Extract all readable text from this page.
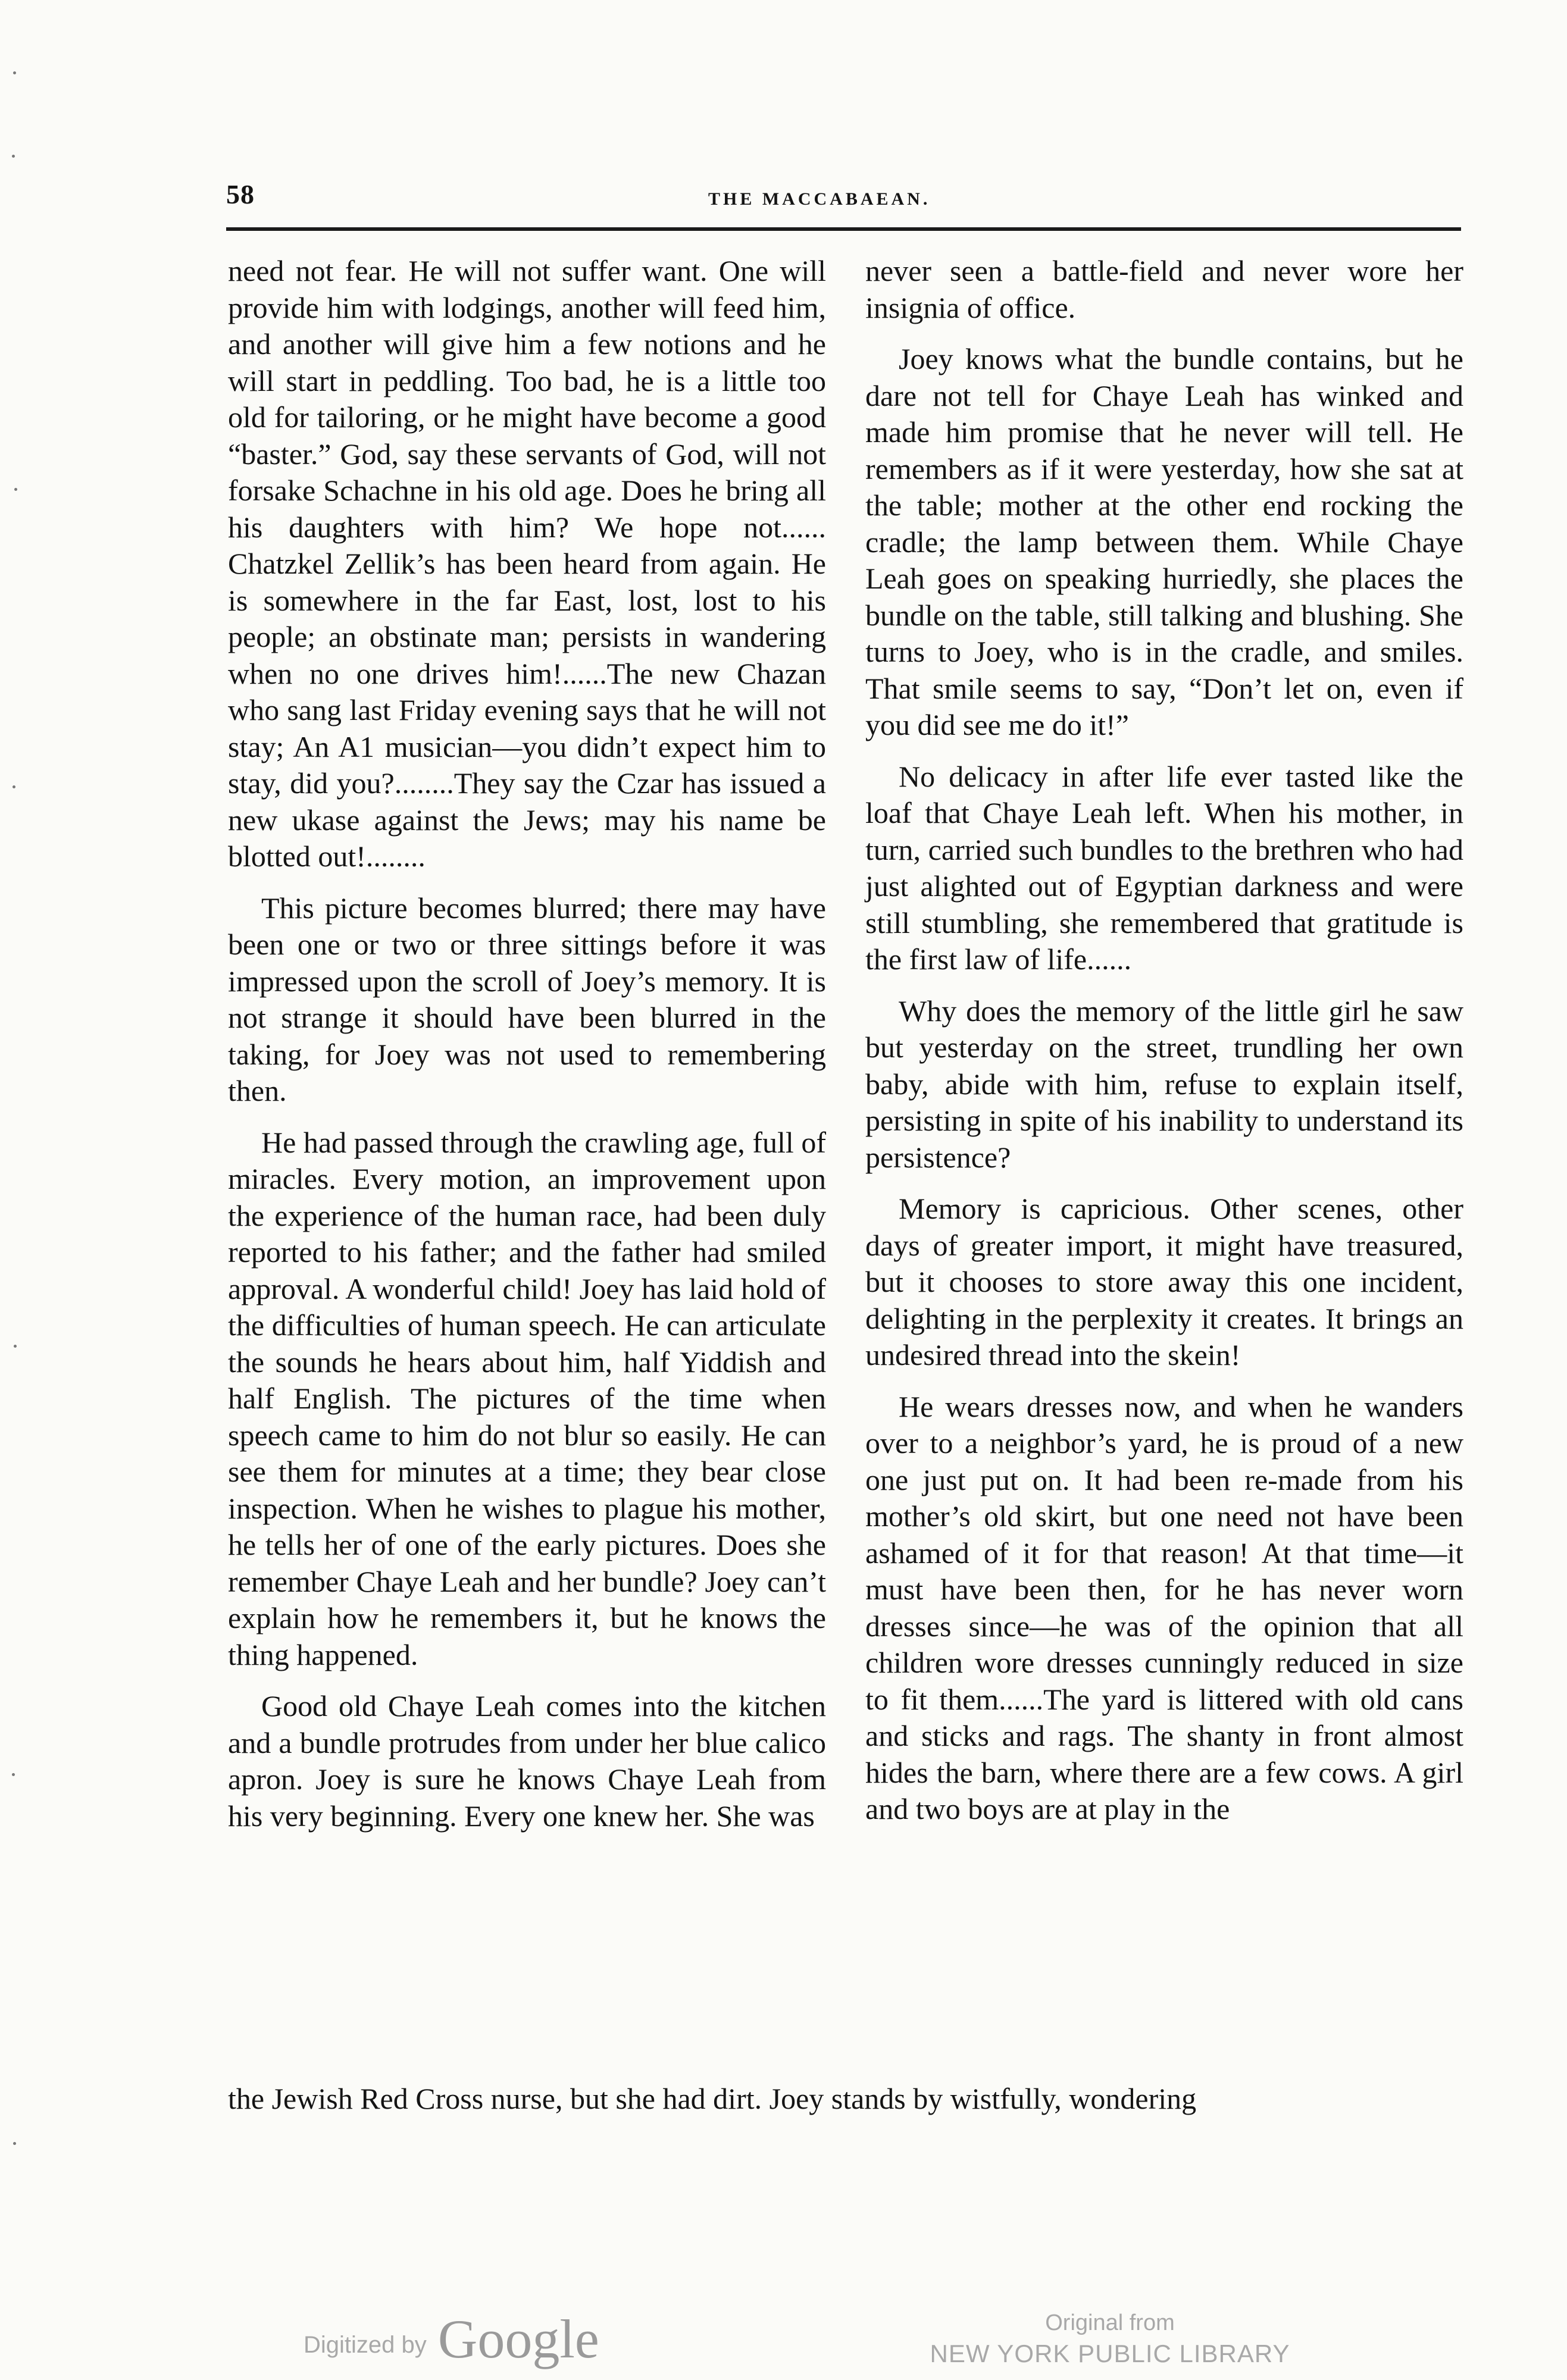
58	THE MACCABAEAN.

need not fear. He will not suffer want. One will provide him with lodgings, another will feed him, and another will give him a few notions and he will start in peddling. Too bad, he is a little too old for tailoring, or he might have become a good “baster.” God, say these servants of God, will not forsake Schachne in his old age. Does he bring all his daughters with him? We hope not...... Chatzkel Zellik’s has been heard from again. He is somewhere in the far East, lost, lost to his people; an obstinate man; persists in wandering when no one drives him!......The new Chazan who sang last Friday evening says that he will not stay; An A1 musician—you didn’t expect him to stay, did you?........They say the Czar has issued a new ukase against the Jews; may his name be blotted out!........

This picture becomes blurred; there may have been one or two or three sittings before it was impressed upon the scroll of Joey’s memory. It is not strange it should have been blurred in the taking, for Joey was not used to remembering then.

He had passed through the crawling age, full of miracles. Every motion, an improvement upon the experience of the human race, had been duly reported to his father; and the father had smiled approval. A wonderful child! Joey has laid hold of the difficulties of human speech. He can articulate the sounds he hears about him, half Yiddish and half English. The pictures of the time when speech came to him do not blur so easily. He can see them for minutes at a time; they bear close inspection. When he wishes to plague his mother, he tells her of one of the early pictures. Does she remember Chaye Leah and her bundle? Joey can’t explain how he remembers it, but he knows the thing happened.

Good old Chaye Leah comes into the kitchen and a bundle protrudes from under her blue calico apron. Joey is sure he knows Chaye Leah from his very beginning. Every one knew her. She was

never seen a battle-field and never wore her insignia of office.

Joey knows what the bundle contains, but he dare not tell for Chaye Leah has winked and made him promise that he never will tell. He remembers as if it were yesterday, how she sat at the table; mother at the other end rocking the cradle; the lamp between them. While Chaye Leah goes on speaking hurriedly, she places the bundle on the table, still talking and blushing. She turns to Joey, who is in the cradle, and smiles. That smile seems to say, “Don’t let on, even if you did see me do it!”

No delicacy in after life ever tasted like the loaf that Chaye Leah left. When his mother, in turn, carried such bundles to the brethren who had just alighted out of Egyptian darkness and were still stumbling, she remembered that gratitude is the first law of life......

Why does the memory of the little girl he saw but yesterday on the street, trundling her own baby, abide with him, refuse to explain itself, persisting in spite of his inability to understand its persistence?

Memory is capricious. Other scenes, other days of greater import, it might have treasured, but it chooses to store away this one incident, delighting in the perplexity it creates. It brings an undesired thread into the skein!

He wears dresses now, and when he wanders over to a neighbor’s yard, he is proud of a new one just put on. It had been re-made from his mother’s old skirt, but one need not have been ashamed of it for that reason! At that time—it must have been then, for he has never worn dresses since—he was of the opinion that all children wore dresses cunningly reduced in size to fit them......The yard is littered with old cans and sticks and rags. The shanty in front almost hides the barn, where there are a few cows. A girl and two boys are at play in the

the Jewish Red Cross nurse, but she had dirt. Joey stands by wistfully, wondering
Digitized by Google	Original from
NEW YORK PUBLIC LIBRARY
